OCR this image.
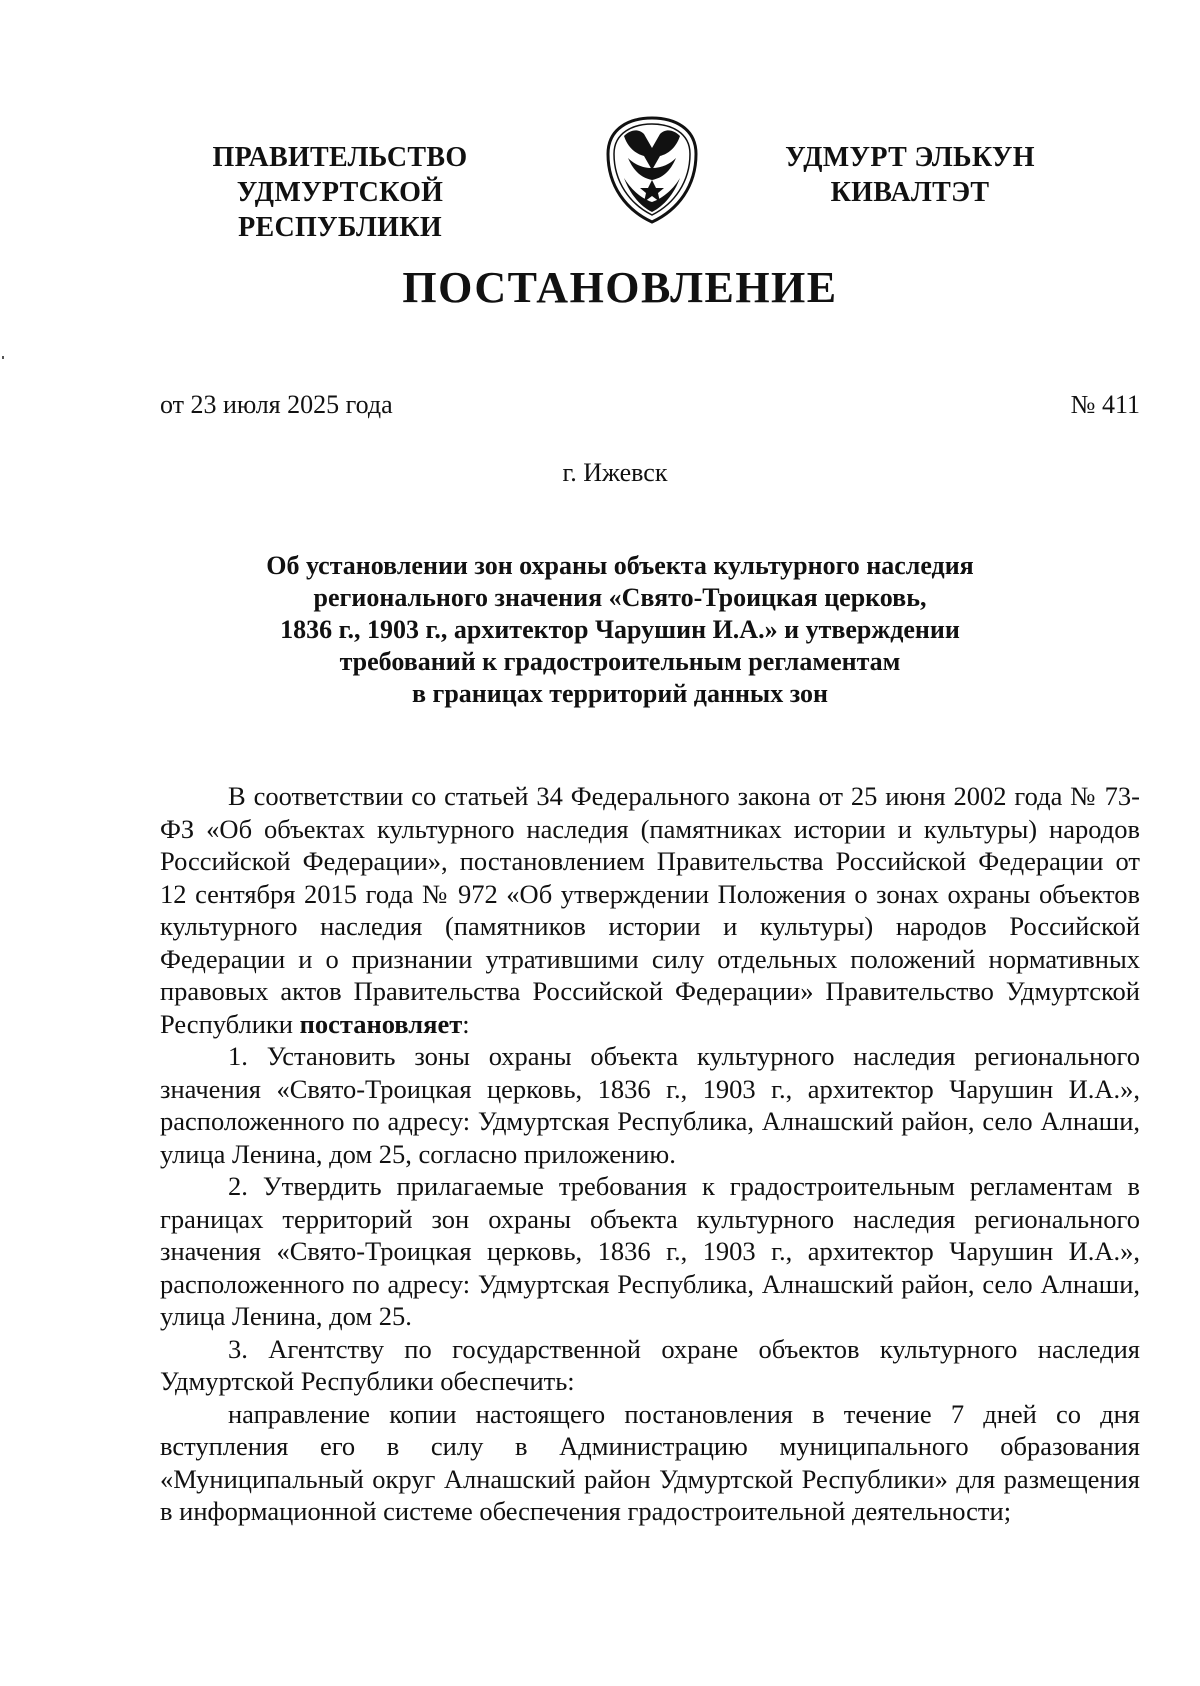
ПРАВИТЕЛЬСТВО
УДМУРТСКОЙ РЕСПУБЛИКИ
УДМУРТ ЭЛЬКУН
КИВАЛТЭТ
ПОСТАНОВЛЕНИЕ
от 23 июля 2025 года	№ 411
г. Ижевск
Об установлении зон охраны объекта культурного наследия
регионального значения «Свято-Троицкая церковь,
1836 г., 1903 г., архитектор Чарушин И.А.» и утверждении
требований к градостроительным регламентам
в границах территорий данных зон

В соответствии со статьей 34 Федерального закона от 25 июня 2002 года № 73-ФЗ «Об объектах культурного наследия (памятниках истории и культуры) народов Российской Федерации», постановлением Правительства Российской Федерации от 12 сентября 2015 года № 972 «Об утверждении Положения о зонах охраны объектов культурного наследия (памятников истории и культуры) народов Российской Федерации и о признании утратившими силу отдельных положений нормативных правовых актов Правительства Российской Федерации» Правительство Удмуртской Республики постановляет:

1. Установить зоны охраны объекта культурного наследия регионального значения «Свято-Троицкая церковь, 1836 г., 1903 г., архитектор Чарушин И.А.», расположенного по адресу: Удмуртская Республика, Алнашский район, село Алнаши, улица Ленина, дом 25, согласно приложению.

2. Утвердить прилагаемые требования к градостроительным регламентам в границах территорий зон охраны объекта культурного наследия регионального значения «Свято-Троицкая церковь, 1836 г., 1903 г., архитектор Чарушин И.А.», расположенного по адресу: Удмуртская Республика, Алнашский район, село Алнаши, улица Ленина, дом 25.

3. Агентству по государственной охране объектов культурного наследия Удмуртской Республики обеспечить:

направление копии настоящего постановления в течение 7 дней со дня вступления его в силу в Администрацию муниципального образования «Муниципальный округ Алнашский район Удмуртской Республики» для размещения в информационной системе обеспечения градостроительной деятельности;
